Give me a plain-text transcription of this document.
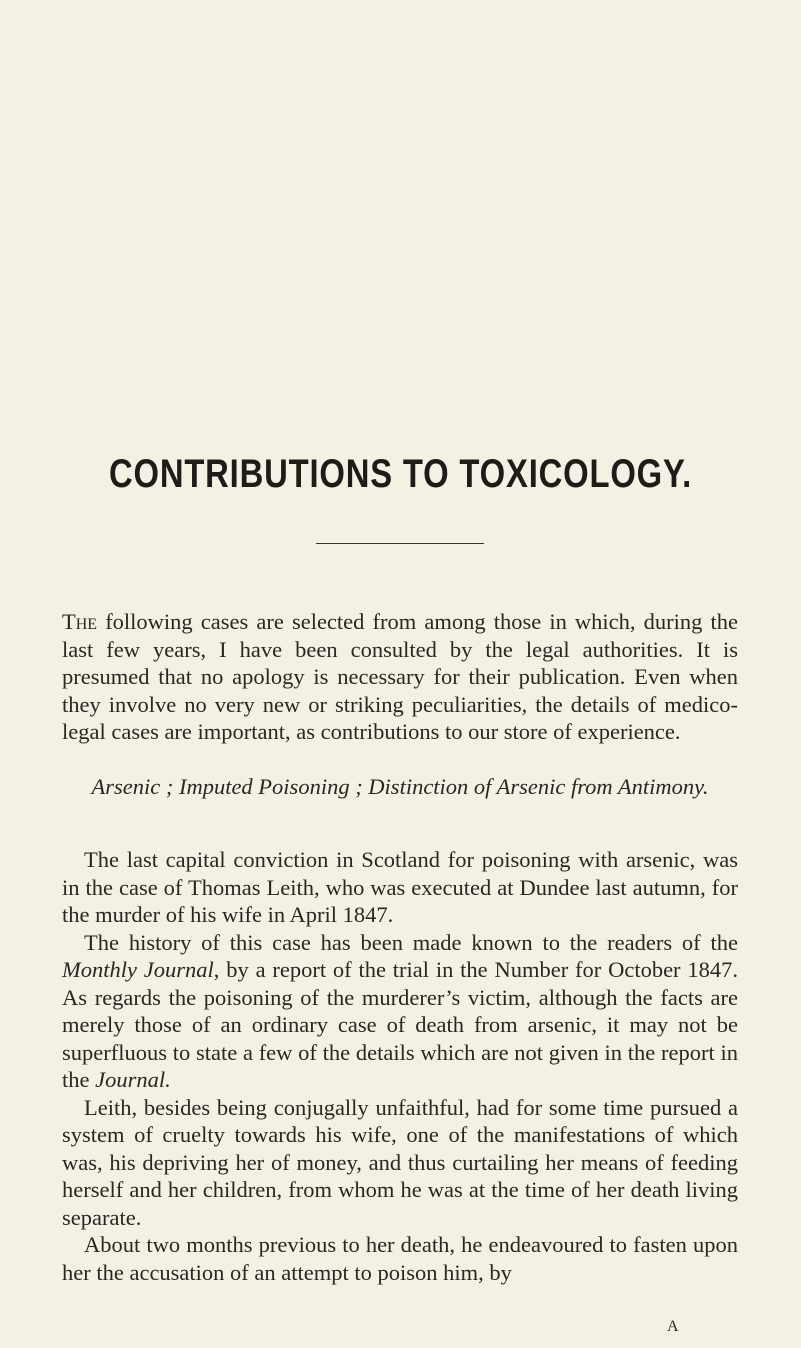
CONTRIBUTIONS TO TOXICOLOGY.

The following cases are selected from among those in which, during the last few years, I have been consulted by the legal authorities. It is presumed that no apology is necessary for their publication. Even when they involve no very new or striking peculiarities, the details of medico-legal cases are important, as contributions to our store of experience.

Arsenic ; Imputed Poisoning ; Distinction of Arsenic from Antimony.

The last capital conviction in Scotland for poisoning with arsenic, was in the case of Thomas Leith, who was executed at Dundee last autumn, for the murder of his wife in April 1847.

The history of this case has been made known to the readers of the Monthly Journal, by a report of the trial in the Number for October 1847. As regards the poisoning of the murderer’s victim, although the facts are merely those of an ordinary case of death from arsenic, it may not be superfluous to state a few of the details which are not given in the report in the Journal.

Leith, besides being conjugally unfaithful, had for some time pursued a system of cruelty towards his wife, one of the manifestations of which was, his depriving her of money, and thus curtailing her means of feeding herself and her children, from whom he was at the time of her death living separate.

About two months previous to her death, he endeavoured to fasten upon her the accusation of an attempt to poison him, by

A
